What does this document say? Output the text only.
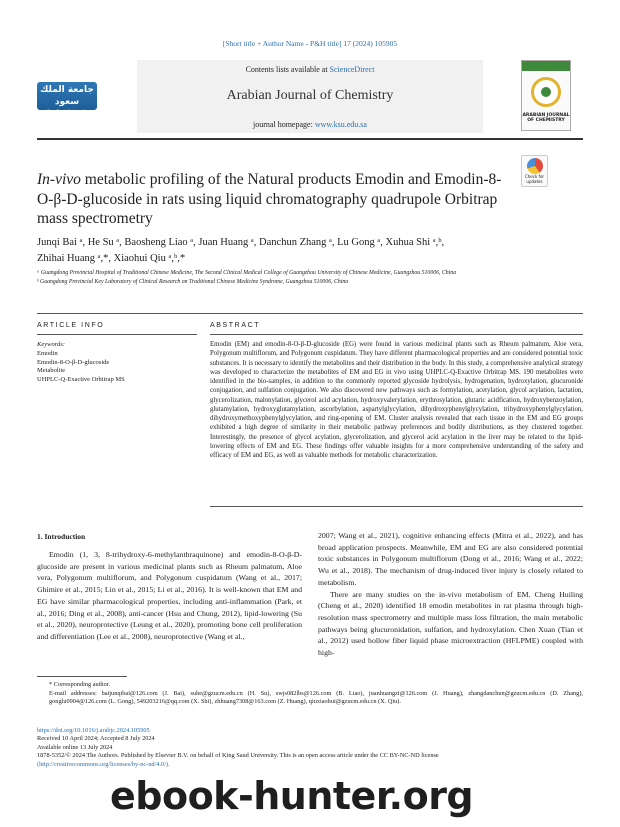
[Short title + Author Name - P&H title] 17 (2024) 105905
جامعة الملك سعود
King Saud University
Contents lists available at ScienceDirect
Arabian Journal of Chemistry
journal homepage: www.ksu.edu.sa
ARABIAN JOURNAL OF CHEMISTRY
Check for updates
In-vivo metabolic profiling of the Natural products Emodin and Emodin-8-O-β-D-glucoside in rats using liquid chromatography quadrupole Orbitrap mass spectrometry
Junqi Bai ᵃ, He Su ᵃ, Baosheng Liao ᵃ, Juan Huang ᵃ, Danchun Zhang ᵃ, Lu Gong ᵃ, Xuhua Shi ᵃ,ᵇ,
Zhihai Huang ᵃ,*, Xiaohui Qiu ᵃ,ᵇ,*
ᵃ Guangdong Provincial Hospital of Traditional Chinese Medicine, The Second Clinical Medical College of Guangzhou University of Chinese Medicine, Guangzhou 510006, China
ᵇ Guangdong Provincial Key Laboratory of Clinical Research on Traditional Chinese Medicine Syndrome, Guangzhou 510006, China
ARTICLE INFO
Keywords:
Emodin
Emodin-8-O-β-D-glucoside
Metabolite
UHPLC-Q-Exactive Orbitrap MS
ABSTRACT
Emodin (EM) and emodin-8-O-β-D-glucoside (EG) were found in various medicinal plants such as Rheum palmatum, Aloe vera, Polygonum multiflorum, and Polygonum cuspidatum. They have different pharmacological properties and are considered potential toxic substances. It is necessary to identify the metabolites and their distribution in the body. In this study, a comprehensive analytical strategy was developed to characterize the metabolites of EM and EG in vivo using UHPLC-Q-Exactive Orbitrap MS. 190 metabolites were identified in the bio-samples, in addition to the commonly reported glycoside hydrolysis, hydrogenation, hydroxylation, glucuronide conjugation, and sulfation conjugation. We also discovered new pathways such as formylation, acetylation, glycol acylation, lactation, glycerolization, malonylation, glycerol acid acylation, hydroxyvalerylation, erythrosylation, glutaric acidfication, hydroxybenzoylation, glutamylation, hydroxyglutamylation, ascorbylation, aspartylglycylation, dihydroxyphenylglycylation, trihydroxyphenylglycylation, dihydroxymethoxyphenylglycylation, and ring-opening of EM. Cluster analysis revealed that each tissue in the EM and EG groups exhibited a high degree of similarity in their metabolic pathway preferences and bodily distributions, as they clustered together. Interestingly, the presence of glycol acylation, glycerolization, and glycerol acid acylation in the liver may be related to the lipid-lowering effects of EM and EG. These findings offer valuable insights for a more comprehensive understanding of the safety and efficacy of EM and EG, as well as valuable methods for metabolic characterization.
1. Introduction

Emodin (1, 3, 8-trihydroxy-6-methylanthraquinone) and emodin-8-O-β-D-glucoside are present in various medicinal plants such as Rheum palmatum, Aloe vera, Polygonum multiflorum, and Polygonum cuspidatum (Wang et al., 2017; Ghimire et al., 2015; Lin et al., 2015; Li et al., 2016). It is well-known that EM and EG have similar pharmacological properties, including anti-inflammation (Park, et al., 2016; Ding et al., 2008), anti-cancer (Hsu and Chung, 2012), lipid-lowering (Su et al., 2020), neuroprotective (Leung et al., 2020), promoting bone cell proliferation and differentiation (Lee et al., 2008), neuroprotective (Wang et al.,

2007; Wang et al., 2021), cognitive enhancing effects (Mitra et al., 2022), and has broad application prospects. Meanwhile, EM and EG are also considered potential toxic substances in Polygonum multiflorum (Dong et al., 2016; Wang et al., 2022; Wu et al., 2018). The mechanism of drug-induced liver injury is closely related to metabolism.

There are many studies on the in-vivo metabolism of EM. Cheng Huiling (Cheng et al., 2020) identified 18 emodin metabolites in rat plasma through high-resolution mass spectrometry and multiple mass loss filtration, the main metabolic pathways being glucuronidation, sulfation, and hydroxylation. Chen Xuan (Tian et al., 2012) used hollow fiber liquid phase microextraction (HFLPME) coupled with high-

* Corresponding author.
E-mail addresses: baijunqibai@126.com (J. Bai), suhe@gzucm.edu.cn (H. Su), swjs082lbs@126.com (B. Liao), juanhuangzi@126.com (J. Huang), zhangdanchun@gzucm.edu.cn (D. Zhang), gonglu0904@126.com (L. Gong), 549203216@qq.com (X. Shi), zhhuang7308@163.com (Z. Huang), qiuxiaohui@gzucm.edu.cn (X. Qiu).
https://doi.org/10.1016/j.arabjc.2024.105905
Received 10 April 2024; Accepted 8 July 2024
Available online 13 July 2024
1878-5352/© 2024 The Authors. Published by Elsevier B.V. on behalf of King Saud University. This is an open access article under the CC BY-NC-ND license
(http://creativecommons.org/licenses/by-nc-nd/4.0/).
ebook-hunter.org
